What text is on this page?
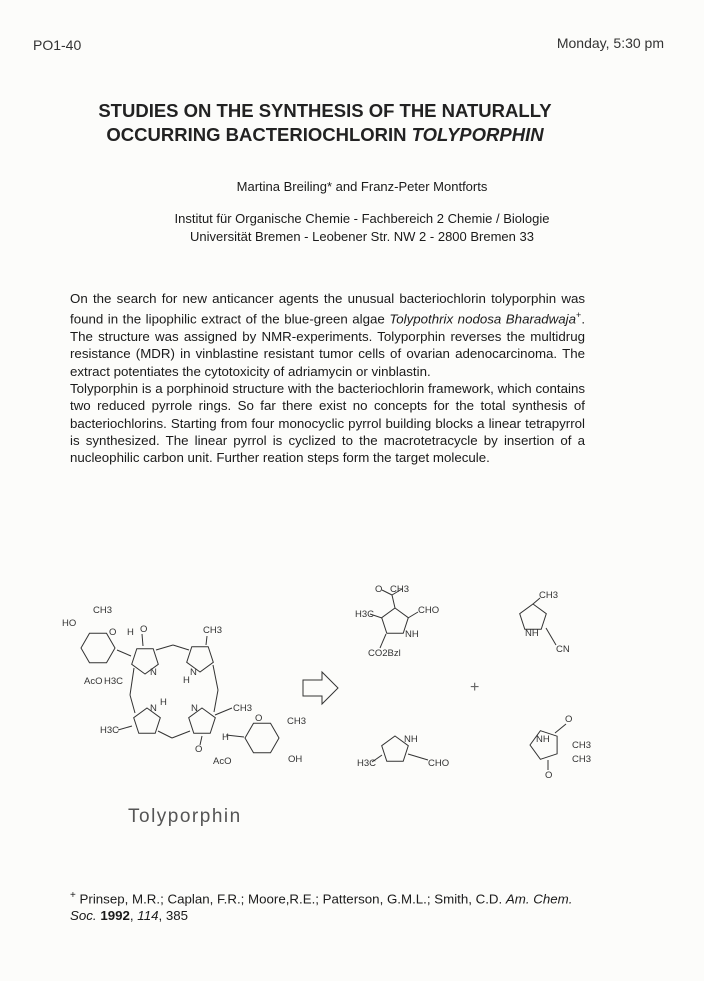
PO1-40	Monday, 5:30 pm
STUDIES ON THE SYNTHESIS OF THE NATURALLY
OCCURRING BACTERIOCHLORIN TOLYPORPHIN
Martina Breiling* and Franz-Peter Montforts
Institut für Organische Chemie - Fachbereich 2 Chemie / Biologie
Universität Bremen - Leobener Str. NW 2 - 2800 Bremen 33

On the search for new anticancer agents the unusual bacteriochlorin tolyporphin was found in the lipophilic extract of the blue-green algae Tolypothrix nodosa Bharadwaja+. The structure was assigned by NMR-experiments. Tolyporphin reverses the multidrug resistance (MDR) in vinblastine resistant tumor cells of ovarian adenocarcinoma. The extract potentiates the cytotoxicity of adriamycin or vinblastin.

Tolyporphin is a porphinoid structure with the bacteriochlorin framework, which contains two reduced pyrrole rings. So far there exist no concepts for the total synthesis of bacteriochlorins. Starting from four monocyclic pyrrol building blocks a linear tetrapyrrol is synthesized. The linear pyrrol is cyclized to the macrotetracycle by insertion of a nucleophilic carbon unit. Further reation steps form the target molecule.

+
CH3
HO
O H O
AcO H3C
N
CH3
H
N
N
H
H3C
N	CH3
O	CH3
H
O
AcO	OH
O CH3
H3C	CHO
NH
CO2Bzl
CH3
NH
CN
NH
H3C	CHO
NH
O
CH3
CH3
O
Tolyporphin
+ Prinsep, M.R.; Caplan, F.R.; Moore,R.E.; Patterson, G.M.L.; Smith, C.D. Am. Chem. Soc. 1992, 114, 385
